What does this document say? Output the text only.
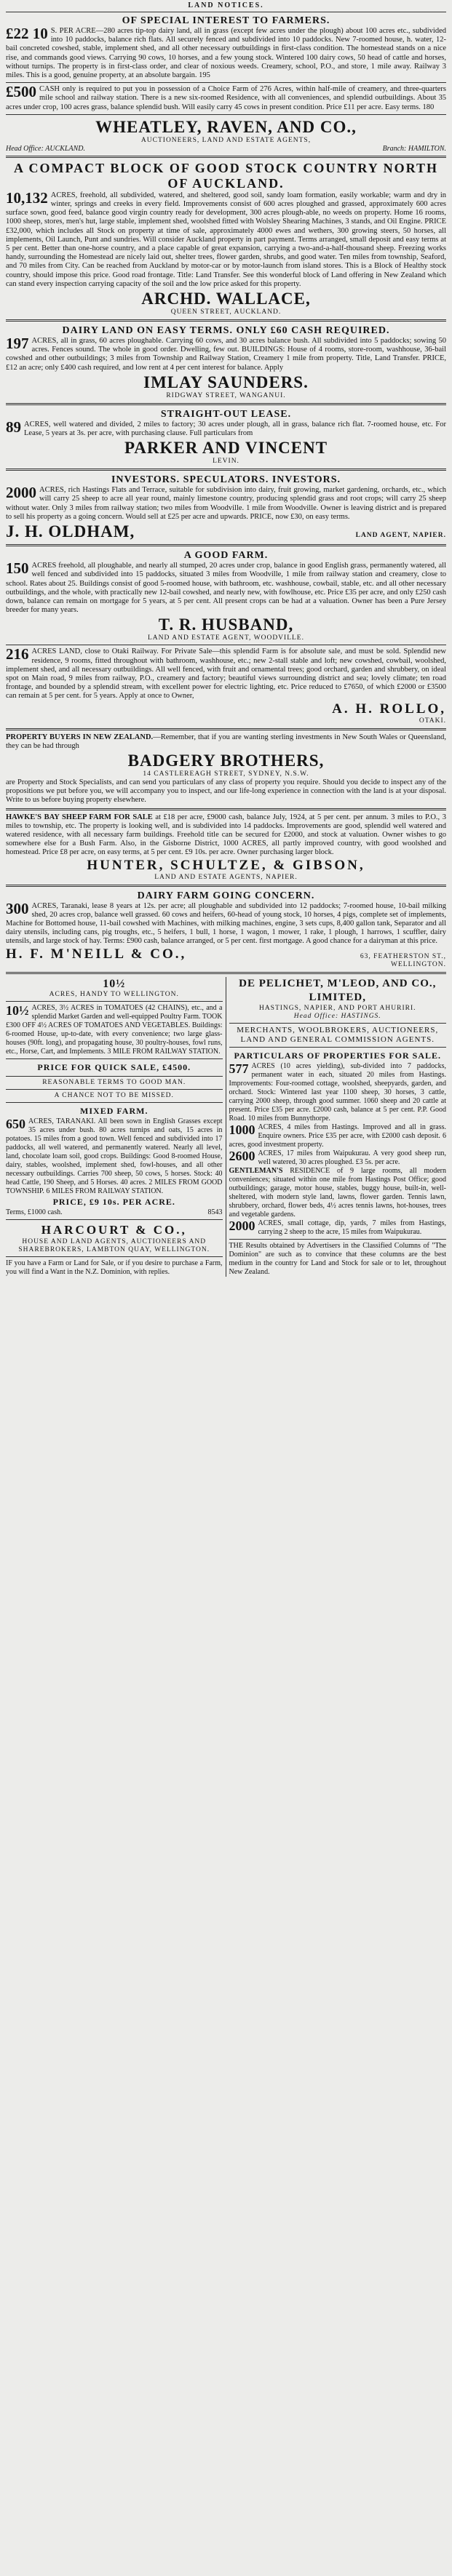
LAND NOTICES.
OF SPECIAL INTEREST TO FARMERS.
£22 10 S. PER ACRE—280 acres tip-top dairy land, all in grass (except few acres under the plough) about 100 acres etc., subdivided into 10 paddocks, balance rich flats. All securely fenced and subdivided into 10 paddocks. New 7-roomed house, h. water, 12-bail concreted cowshed, stable, implement shed, and all other necessary outbuildings in first-class condition. The homestead stands on a nice rise, and commands good views. Carrying 90 cows, 10 horses, and a few young stock. Wintered 100 dairy cows, 50 head of cattle and horses, without turnips. The property is in first-class order, and clear of noxious weeds. Creamery, school, P.O., and store, 1 mile away. Railway 3 miles. This is a good, genuine property, at an absolute bargain. 195
£500 CASH only is required to put you in possession of a Choice Farm of 276 Acres, within half-mile of creamery, and three-quarters mile school and railway station. There is a new six-roomed Residence, with all conveniences, and splendid outbuildings. About 35 acres under crop, 100 acres grass, balance splendid bush. Will easily carry 45 cows in present condition. Price £11 per acre. Easy terms. 180
WHEATLEY, RAVEN, AND CO.,
AUCTIONEERS, LAND AND ESTATE AGENTS,
Head Office: AUCKLAND.	Branch: HAMILTON.
A COMPACT BLOCK OF GOOD STOCK COUNTRY NORTH OF AUCKLAND.
10,132 ACRES, freehold, all subdivided, watered, and sheltered, good soil, sandy loam formation, easily workable; warm and dry in winter, springs and creeks in every field. Improvements consist of 600 acres ploughed and grassed, approximately 600 acres surface sown, good feed, balance good virgin country ready for development, 300 acres plough-able, no weeds on property. Home 16 rooms, 1000 sheep, stores, men's hut, large stable, implement shed, woolshed fitted with Wolsley Shearing Machines, 3 stands, and Oil Engine. PRICE £32,000, which includes all Stock on property at time of sale, approximately 4000 ewes and wethers, 300 growing steers, 50 horses, all implements, Oil Launch, Punt and sundries. Will consider Auckland property in part payment. Terms arranged, small deposit and easy terms at 5 per cent. Better than one-horse country, and a place capable of great expansion, carrying a two-and-a-half-thousand sheep. Freezing works handy, surrounding the Homestead are nicely laid out, shelter trees, flower garden, shrubs, and good water. Ten miles from township, Seaford, and 70 miles from City. Can be reached from Auckland by motor-car or by motor-launch from island stores. This is a Block of Healthy stock country, should impose this price. Good road frontage. Title: Land Transfer. See this wonderful block of Land offering in New Zealand which can stand every inspection carrying capacity of the soil and the low price asked for this property.
ARCHD. WALLACE,
QUEEN STREET, AUCKLAND.
DAIRY LAND ON EASY TERMS. ONLY £60 CASH REQUIRED.
197 ACRES, all in grass, 60 acres ploughable. Carrying 60 cows, and 30 acres balance bush. All subdivided into 5 paddocks; sowing 50 acres. Fences sound. The whole in good order. Dwelling, few out. BUILDINGS: House of 4 rooms, store-room, washhouse, 36-bail cowshed and other outbuildings; 3 miles from Township and Railway Station, Creamery 1 mile from property. Title, Land Transfer. PRICE, £12 an acre; only £400 cash required, and low rent at 4 per cent interest for balance. Apply
IMLAY SAUNDERS.
RIDGWAY STREET, WANGANUI.
STRAIGHT-OUT LEASE.
89 ACRES, well watered and divided, 2 miles to factory; 30 acres under plough, all in grass, balance rich flat. 7-roomed house, etc. For Lease, 5 years at 3s. per acre, with purchasing clause. Full particulars from
PARKER AND VINCENT
LEVIN.
INVESTORS. SPECULATORS. INVESTORS.
2000 ACRES, rich Hastings Flats and Terrace, suitable for subdivision into dairy, fruit growing, market gardening, orchards, etc., which will carry 25 sheep to acre all year round, mainly limestone country, producing splendid grass and root crops; will carry 25 sheep without water. Only 3 miles from railway station; two miles from Woodville. 1 mile from Woodville. Owner is leaving district and is prepared to sell his property as a going concern. Would sell at £25 per acre and upwards. PRICE, now £30, on easy terms.
J. H. OLDHAM,	LAND AGENT, NAPIER.
A GOOD FARM.
150 ACRES freehold, all ploughable, and nearly all stumped, 20 acres under crop, balance in good English grass, permanently watered, all well fenced and subdivided into 15 paddocks, situated 3 miles from Woodville, 1 mile from railway station and creamery, close to school. Rates about 25. Buildings consist of good 5-roomed house, with bathroom, etc. washhouse, cowbail, stable, etc. and all other necessary outbuildings, and the whole, with practically new 12-bail cowshed, and nearly new, with fowlhouse, etc. Price £35 per acre, and only £250 cash down, balance can remain on mortgage for 5 years, at 5 per cent. All present crops can be had at a valuation. Owner has been a Pure Jersey breeder for many years.
T. R. HUSBAND,
LAND AND ESTATE AGENT, WOODVILLE.
216 ACRES LAND, close to Otaki Railway. For Private Sale—this splendid Farm is for absolute sale, and must be sold. Splendid new residence, 9 rooms, fitted throughout with bathroom, washhouse, etc.; new 2-stall stable and loft; new cowshed, cowbail, woolshed, implement shed, and all necessary outbuildings. All well fenced, with fruit and ornamental trees; good orchard, garden and shrubbery, on ideal spot on Main road, 9 miles from railway, P.O., creamery and factory; beautiful views surrounding district and sea; lovely climate; ten road frontage, and bounded by a splendid stream, with excellent power for electric lighting, etc. Price reduced to £7650, of which £2000 or £3500 can remain at 5 per cent. for 5 years. Apply at once to Owner,
A. H. ROLLO,
OTAKI.
PROPERTY BUYERS IN NEW ZEALAND.—Remember, that if you are wanting sterling investments in New South Wales or Queensland, they can be had through
BADGERY BROTHERS,
14 CASTLEREAGH STREET, SYDNEY, N.S.W.
are Property and Stock Specialists, and can send you particulars of any class of property you require. Should you decide to inspect any of the propositions we put before you, we will accompany you to inspect, and our life-long experience in connection with the land is at your disposal. Write to us before buying property elsewhere.
HAWKE'S BAY SHEEP FARM FOR SALE at £18 per acre, £9000 cash, balance July, 1924, at 5 per cent. per annum. 3 miles to P.O., 3 miles to township, etc. The property is looking well, and is subdivided into 14 paddocks. Improvements are good, splendid well watered and watered residence, with all necessary farm buildings. Freehold title can be secured for £2000, and stock at valuation. Owner wishes to go somewhere else for a Bush Farm. Also, in the Gisborne District, 1000 ACRES, all partly improved country, with good woolshed and homestead. Price £8 per acre, on easy terms, at 5 per cent. £9 10s. per acre. Owner purchasing larger block.
HUNTER, SCHULTZE, & GIBSON,
LAND AND ESTATE AGENTS, NAPIER.
DAIRY FARM GOING CONCERN.
300 ACRES, Taranaki, lease 8 years at 12s. per acre; all ploughable and subdivided into 12 paddocks; 7-roomed house, 10-bail milking shed, 20 acres crop, balance well grassed. 60 cows and heifers, 60-head of young stock, 10 horses, 4 pigs, complete set of implements, Machine for Bottomed house, 11-bail cowshed with Machines, with milking machines, engine, 3 sets cups, 8,400 gallon tank, Separator and all dairy utensils, including cans, pig troughs, etc., 5 heifers, 1 bull, 1 horse, 1 wagon, 1 mower, 1 rake, 1 plough, 1 harrows, 1 scuffler, dairy utensils, and large stock of hay. Terms: £900 cash, balance arranged, or 5 per cent. first mortgage. A good chance for a dairyman at this price.
H. F. M'NEILL & CO.,	63, FEATHERSTON ST., WELLINGTON.
10½
ACRES, HANDY TO WELLINGTON.
10½ ACRES, 3½ ACRES in TOMATOES (42 CHAINS), etc., and a splendid Market Garden and well-equipped Poultry Farm. TOOK £300 OFF 4½ ACRES OF TOMATOES AND VEGETABLES. Buildings: 6-roomed House, up-to-date, with every convenience; two large glass-houses (90ft. long), and propagating house, 30 poultry-houses, fowl runs, etc., Horse, Cart, and Implements. 3 MILE FROM RAILWAY STATION.
PRICE FOR QUICK SALE, £4500.
REASONABLE TERMS TO GOOD MAN.
A CHANCE NOT TO BE MISSED.
MIXED FARM.
650 ACRES, TARANAKI. All been sown in English Grasses except 35 acres under bush. 80 acres turnips and oats, 15 acres in potatoes. 15 miles from a good town. Well fenced and subdivided into 17 paddocks, all well watered, and permanently watered. Nearly all level, land, chocolate loam soil, good crops. Buildings: Good 8-roomed House, dairy, stables, woolshed, implement shed, fowl-houses, and all other necessary outbuildings. Carries 700 sheep, 50 cows, 5 horses. Stock: 40 head Cattle, 190 Sheep, and 5 Horses. 40 acres. 2 MILES FROM GOOD TOWNSHIP. 6 MILES FROM RAILWAY STATION.
PRICE, £9 10s. PER ACRE.
Terms, £1000 cash.	8543
HARCOURT & CO.,
HOUSE AND LAND AGENTS, AUCTIONEERS AND SHAREBROKERS, LAMBTON QUAY, WELLINGTON.
IF you have a Farm or Land for Sale, or if you desire to purchase a Farm, you will find a Want in the N.Z. Dominion, with replies.
DE PELICHET, M'LEOD, AND CO., LIMITED,
HASTINGS, NAPIER, AND PORT AHURIRI.
Head Office: HASTINGS.
MERCHANTS, WOOLBROKERS, AUCTIONEERS, LAND AND GENERAL COMMISSION AGENTS.
PARTICULARS OF PROPERTIES FOR SALE.
577 ACRES (10 acres yielding), sub-divided into 7 paddocks, permanent water in each, situated 20 miles from Hastings. Improvements: Four-roomed cottage, woolshed, sheepyards, garden, and orchard. Stock: Wintered last year 1100 sheep, 30 horses, 3 cattle, carrying 2000 sheep, through good summer. 1060 sheep and 20 cattle at present. Price £35 per acre. £2000 cash, balance at 5 per cent. P.P. Good Road. 10 miles from Bunnythorpe.
1000 ACRES, 4 miles from Hastings. Improved and all in grass. Enquire owners. Price £35 per acre, with £2000 cash deposit. 6 acres, good investment property.
2600 ACRES, 17 miles from Waipukurau. A very good sheep run, well watered, 30 acres ploughed. £3 5s. per acre.
GENTLEMAN'S RESIDENCE of 9 large rooms, all modern conveniences; situated within one mile from Hastings Post Office; good outbuildings; garage, motor house, stables, buggy house, built-in, well-sheltered, with modern style land, lawns, flower garden. Tennis lawn, shrubbery, orchard, flower beds, 4½ acres tennis lawns, hot-houses, trees and vegetable gardens.
2000 ACRES, small cottage, dip, yards, 7 miles from Hastings, carrying 2 sheep to the acre, 15 miles from Waipukurau.
THE Results obtained by Advertisers in the Classified Columns of "The Dominion" are such as to convince that these columns are the best medium in the country for Land and Stock for sale or to let, throughout New Zealand.
